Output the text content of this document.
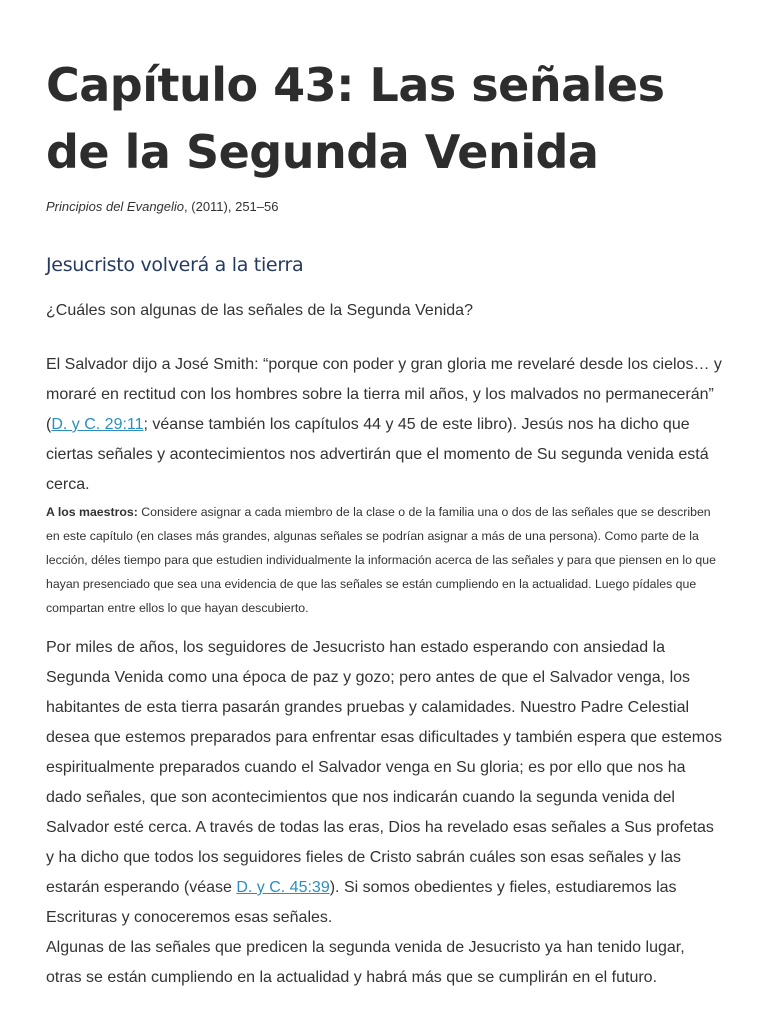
Capítulo 43: Las señales de la Segunda Venida

Principios del Evangelio, (2011), 251–56

Jesucristo volverá a la tierra

¿Cuáles son algunas de las señales de la Segunda Venida?

El Salvador dijo a José Smith: “porque con poder y gran gloria me revelaré desde los cielos… y moraré en rectitud con los hombres sobre la tierra mil años, y los malvados no permanecerán” (D. y C. 29:11; véanse también los capítulos 44 y 45 de este libro). Jesús nos ha dicho que ciertas señales y acontecimientos nos advertirán que el momento de Su segunda venida está cerca.

A los maestros: Considere asignar a cada miembro de la clase o de la familia una o dos de las señales que se describen en este capítulo (en clases más grandes, algunas señales se podrían asignar a más de una persona). Como parte de la lección, déles tiempo para que estudien individualmente la información acerca de las señales y para que piensen en lo que hayan presenciado que sea una evidencia de que las señales se están cumpliendo en la actualidad. Luego pídales que compartan entre ellos lo que hayan descubierto.

Por miles de años, los seguidores de Jesucristo han estado esperando con ansiedad la Segunda Venida como una época de paz y gozo; pero antes de que el Salvador venga, los habitantes de esta tierra pasarán grandes pruebas y calamidades. Nuestro Padre Celestial desea que estemos preparados para enfrentar esas dificultades y también espera que estemos espiritualmente preparados cuando el Salvador venga en Su gloria; es por ello que nos ha dado señales, que son acontecimientos que nos indicarán cuando la segunda venida del Salvador esté cerca. A través de todas las eras, Dios ha revelado esas señales a Sus profetas y ha dicho que todos los seguidores fieles de Cristo sabrán cuáles son esas señales y las estarán esperando (véase D. y C. 45:39). Si somos obedientes y fieles, estudiaremos las Escrituras y conoceremos esas señales.

Algunas de las señales que predicen la segunda venida de Jesucristo ya han tenido lugar, otras se están cumpliendo en la actualidad y habrá más que se cumplirán en el futuro.
